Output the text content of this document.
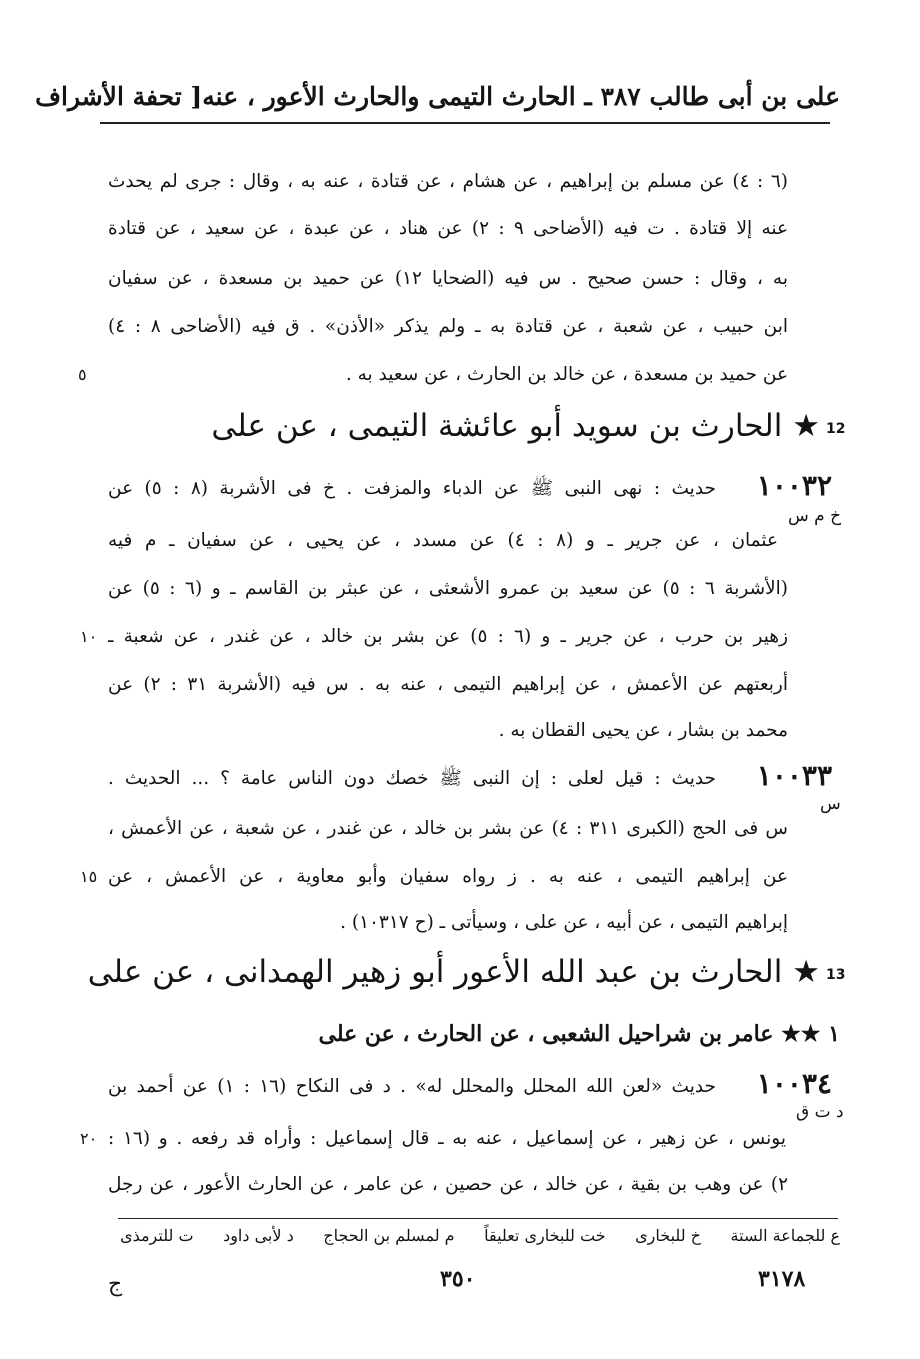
على بن أبى طالب ٣٨٧ ـ الحارث التيمى والحارث الأعور ، عنه
[ تحفة الأشراف
(٦ : ٤) عن مسلم بن إبراهيم ، عن هشام ، عن قتادة ، عنه به ، وقال : جرى لم يحدث
عنه إلا قتادة . ت فيه (الأضاحى ٩ : ٢) عن هناد ، عن عبدة ، عن سعيد ، عن قتادة
به ، وقال : حسن صحيح . س فيه (الضحايا ١٢) عن حميد بن مسعدة ، عن سفيان
ابن حبيب ، عن شعبة ، عن قتادة به ـ ولم يذكر «الأذن» . ق فيه (الأضاحى ٨ : ٤)
عن حميد بن مسعدة ، عن خالد بن الحارث ، عن سعيد به .
٥
12
★ الحارث بن سويد أبو عائشة التيمى ، عن على
١٠٠٣٢
حديث : نهى النبى ﷺ عن الدباء والمزفت . خ فى الأشربة (٨ : ٥) عن
خ م س
عثمان ، عن جرير ـ و (٨ : ٤) عن مسدد ، عن يحيى ، عن سفيان ـ م فيه
(الأشربة ٦ : ٥) عن سعيد بن عمرو الأشعثى ، عن عبثر بن القاسم ـ و (٦ : ٥) عن
زهير بن حرب ، عن جرير ـ و (٦ : ٥) عن بشر بن خالد ، عن غندر ، عن شعبة ـ
أربعتهم عن الأعمش ، عن إبراهيم التيمى ، عنه به . س فيه (الأشربة ٣١ : ٢) عن
محمد بن بشار ، عن يحيى القطان به .
١٠
١٠٠٣٣
حديث : قيل لعلى : إن النبى ﷺ خصك دون الناس عامة ؟ ... الحديث .
س
س فى الحج (الكبرى ٣١١ : ٤) عن بشر بن خالد ، عن غندر ، عن شعبة ، عن الأعمش ،
عن إبراهيم التيمى ، عنه به . ز رواه سفيان وأبو معاوية ، عن الأعمش ، عن
إبراهيم التيمى ، عن أبيه ، عن على ، وسيأتى ـ (ح ١٠٣١٧) .
١٥
13
★ الحارث بن عبد الله الأعور أبو زهير الهمدانى ، عن على
١ ★★ عامر بن شراحيل الشعبى ، عن الحارث ، عن على
١٠٠٣٤
حديث «لعن الله المحلل والمحلل له» . د فى النكاح (١٦ : ١) عن أحمد بن
د ت ق
يونس ، عن زهير ، عن إسماعيل ، عنه به ـ قال إسماعيل : وأراه قد رفعه . و (١٦ :
٢) عن وهب بن بقية ، عن خالد ، عن حصين ، عن عامر ، عن الحارث الأعور ، عن رجل
٢٠
ع للجماعة الستة
خ للبخارى
خت للبخارى تعليقاً
م لمسلم بن الحجاج
د لأبى داود
ت للترمذى
ج	٣٥٠	٣١٧٨
